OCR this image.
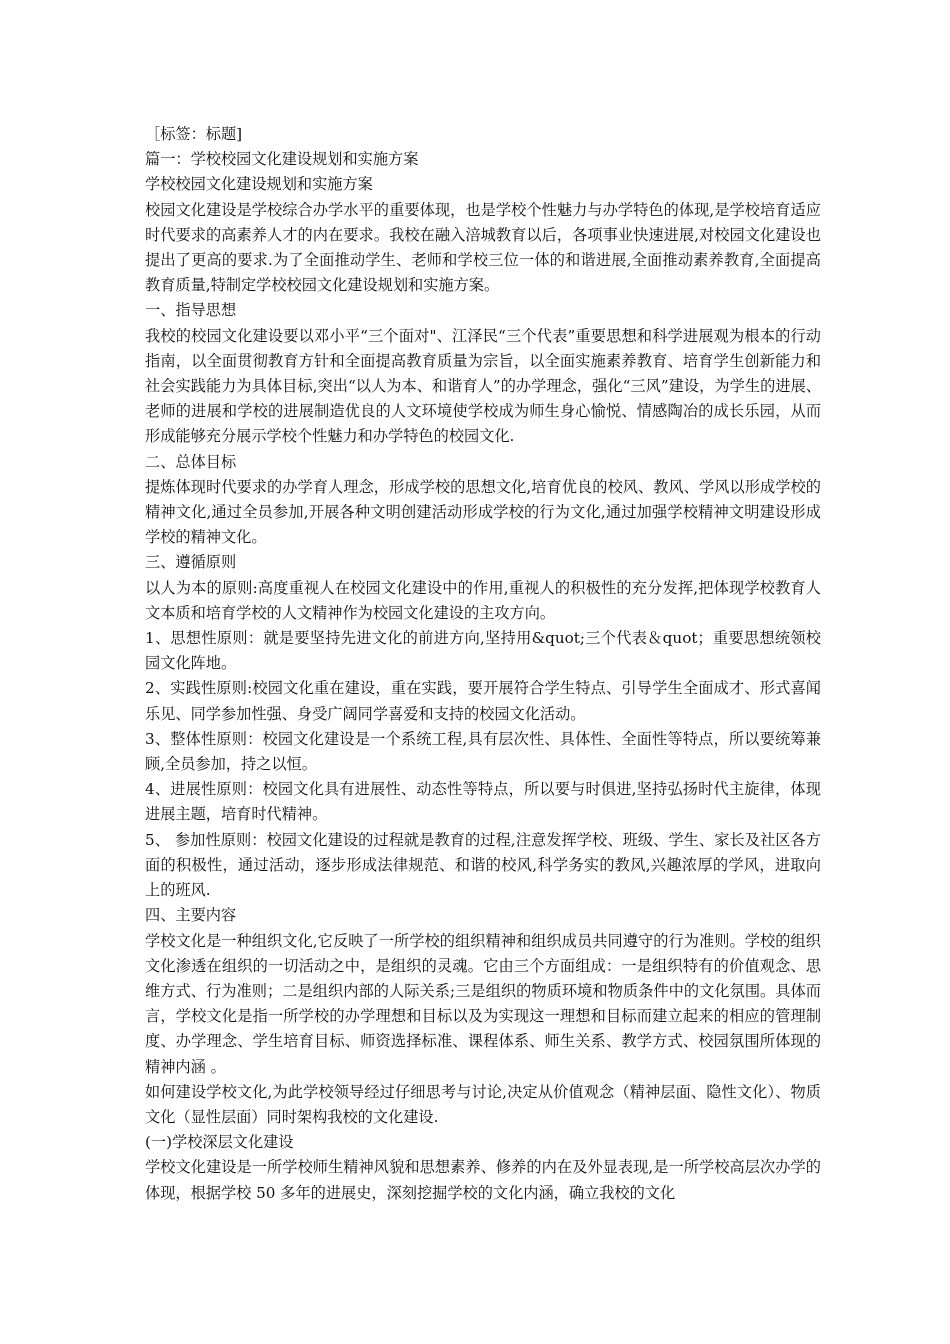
［标签：标题]

篇一：学校校园文化建设规划和实施方案

学校校园文化建设规划和实施方案

校园文化建设是学校综合办学水平的重要体现，也是学校个性魅力与办学特色的体现,是学校培育适应时代要求的高素养人才的内在要求。我校在融入涪城教育以后，各项事业快速进展,对校园文化建设也提出了更高的要求.为了全面推动学生、老师和学校三位一体的和谐进展,全面推动素养教育,全面提高教育质量,特制定学校校园文化建设规划和实施方案。

一、指导思想

我校的校园文化建设要以邓小平“三个面对"、江泽民“三个代表”重要思想和科学进展观为根本的行动指南，以全面贯彻教育方针和全面提高教育质量为宗旨，以全面实施素养教育、培育学生创新能力和社会实践能力为具体目标,突出“以人为本、和谐育人”的办学理念，强化“三风”建设，为学生的进展、老师的进展和学校的进展制造优良的人文环境使学校成为师生身心愉悦、情感陶冶的成长乐园，从而形成能够充分展示学校个性魅力和办学特色的校园文化.

二、总体目标

提炼体现时代要求的办学育人理念，形成学校的思想文化,培育优良的校风、教风、学风以形成学校的精神文化,通过全员参加,开展各种文明创建活动形成学校的行为文化,通过加强学校精神文明建设形成学校的精神文化。

三、遵循原则

以人为本的原则:高度重视人在校园文化建设中的作用,重视人的积极性的充分发挥,把体现学校教育人文本质和培育学校的人文精神作为校园文化建设的主攻方向。

1、思想性原则：就是要坚持先进文化的前进方向,坚持用&quot;三个代表＆quot；重要思想统领校园文化阵地。

2、实践性原则:校园文化重在建设，重在实践，要开展符合学生特点、引导学生全面成才、形式喜闻乐见、同学参加性强、身受广阔同学喜爱和支持的校园文化活动。

3、整体性原则：校园文化建设是一个系统工程,具有层次性、具体性、全面性等特点，所以要统筹兼顾,全员参加，持之以恒。

4、进展性原则：校园文化具有进展性、动态性等特点，所以要与时俱进,坚持弘扬时代主旋律，体现进展主题，培育时代精神。

5、 参加性原则：校园文化建设的过程就是教育的过程,注意发挥学校、班级、学生、家长及社区各方面的积极性，通过活动，逐步形成法律规范、和谐的校风,科学务实的教风,兴趣浓厚的学风，进取向上的班风.

四、主要内容

学校文化是一种组织文化,它反映了一所学校的组织精神和组织成员共同遵守的行为准则。学校的组织文化渗透在组织的一切活动之中，是组织的灵魂。它由三个方面组成：一是组织特有的价值观念、思维方式、行为准则；二是组织内部的人际关系;三是组织的物质环境和物质条件中的文化氛围。具体而言，学校文化是指一所学校的办学理想和目标以及为实现这一理想和目标而建立起来的相应的管理制度、办学理念、学生培育目标、师资选择标准、课程体系、师生关系、教学方式、校园氛围所体现的精神内涵 。

如何建设学校文化,为此学校领导经过仔细思考与讨论,决定从价值观念（精神层面、隐性文化）、物质文化（显性层面）同时架构我校的文化建设.

(一)学校深层文化建设

学校文化建设是一所学校师生精神风貌和思想素养、修养的内在及外显表现,是一所学校高层次办学的体现，根据学校 50 多年的进展史，深刻挖掘学校的文化内涵，确立我校的文化
